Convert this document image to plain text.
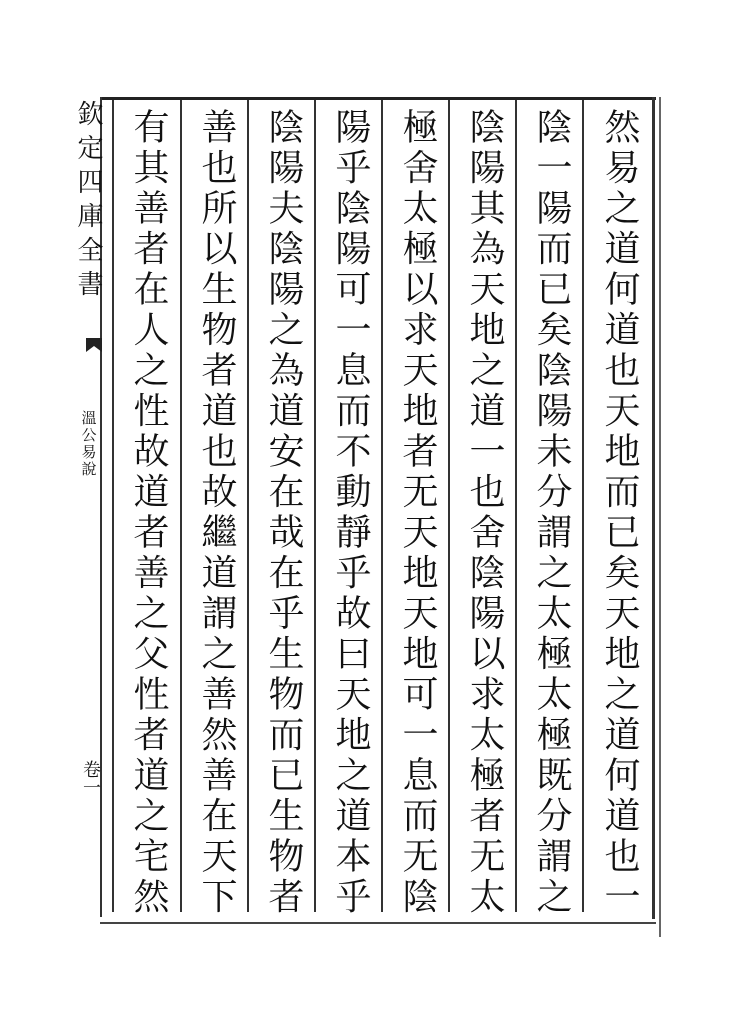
欽定四庫全書
溫公易說
卷一	然易之道何道也天地而已矣天地之道何道也一
陰一陽而已矣陰陽未分謂之太極太極既分謂之
陰陽其為天地之道一也舍陰陽以求太極者无太
極舍太極以求天地者无天地天地可一息而无陰
陽乎陰陽可一息而不動靜乎故曰天地之道本乎
陰陽夫陰陽之為道安在哉在乎生物而已生物者
善也所以生物者道也故繼道謂之善然善在天下
有其善者在人之性故道者善之父性者道之宅然
